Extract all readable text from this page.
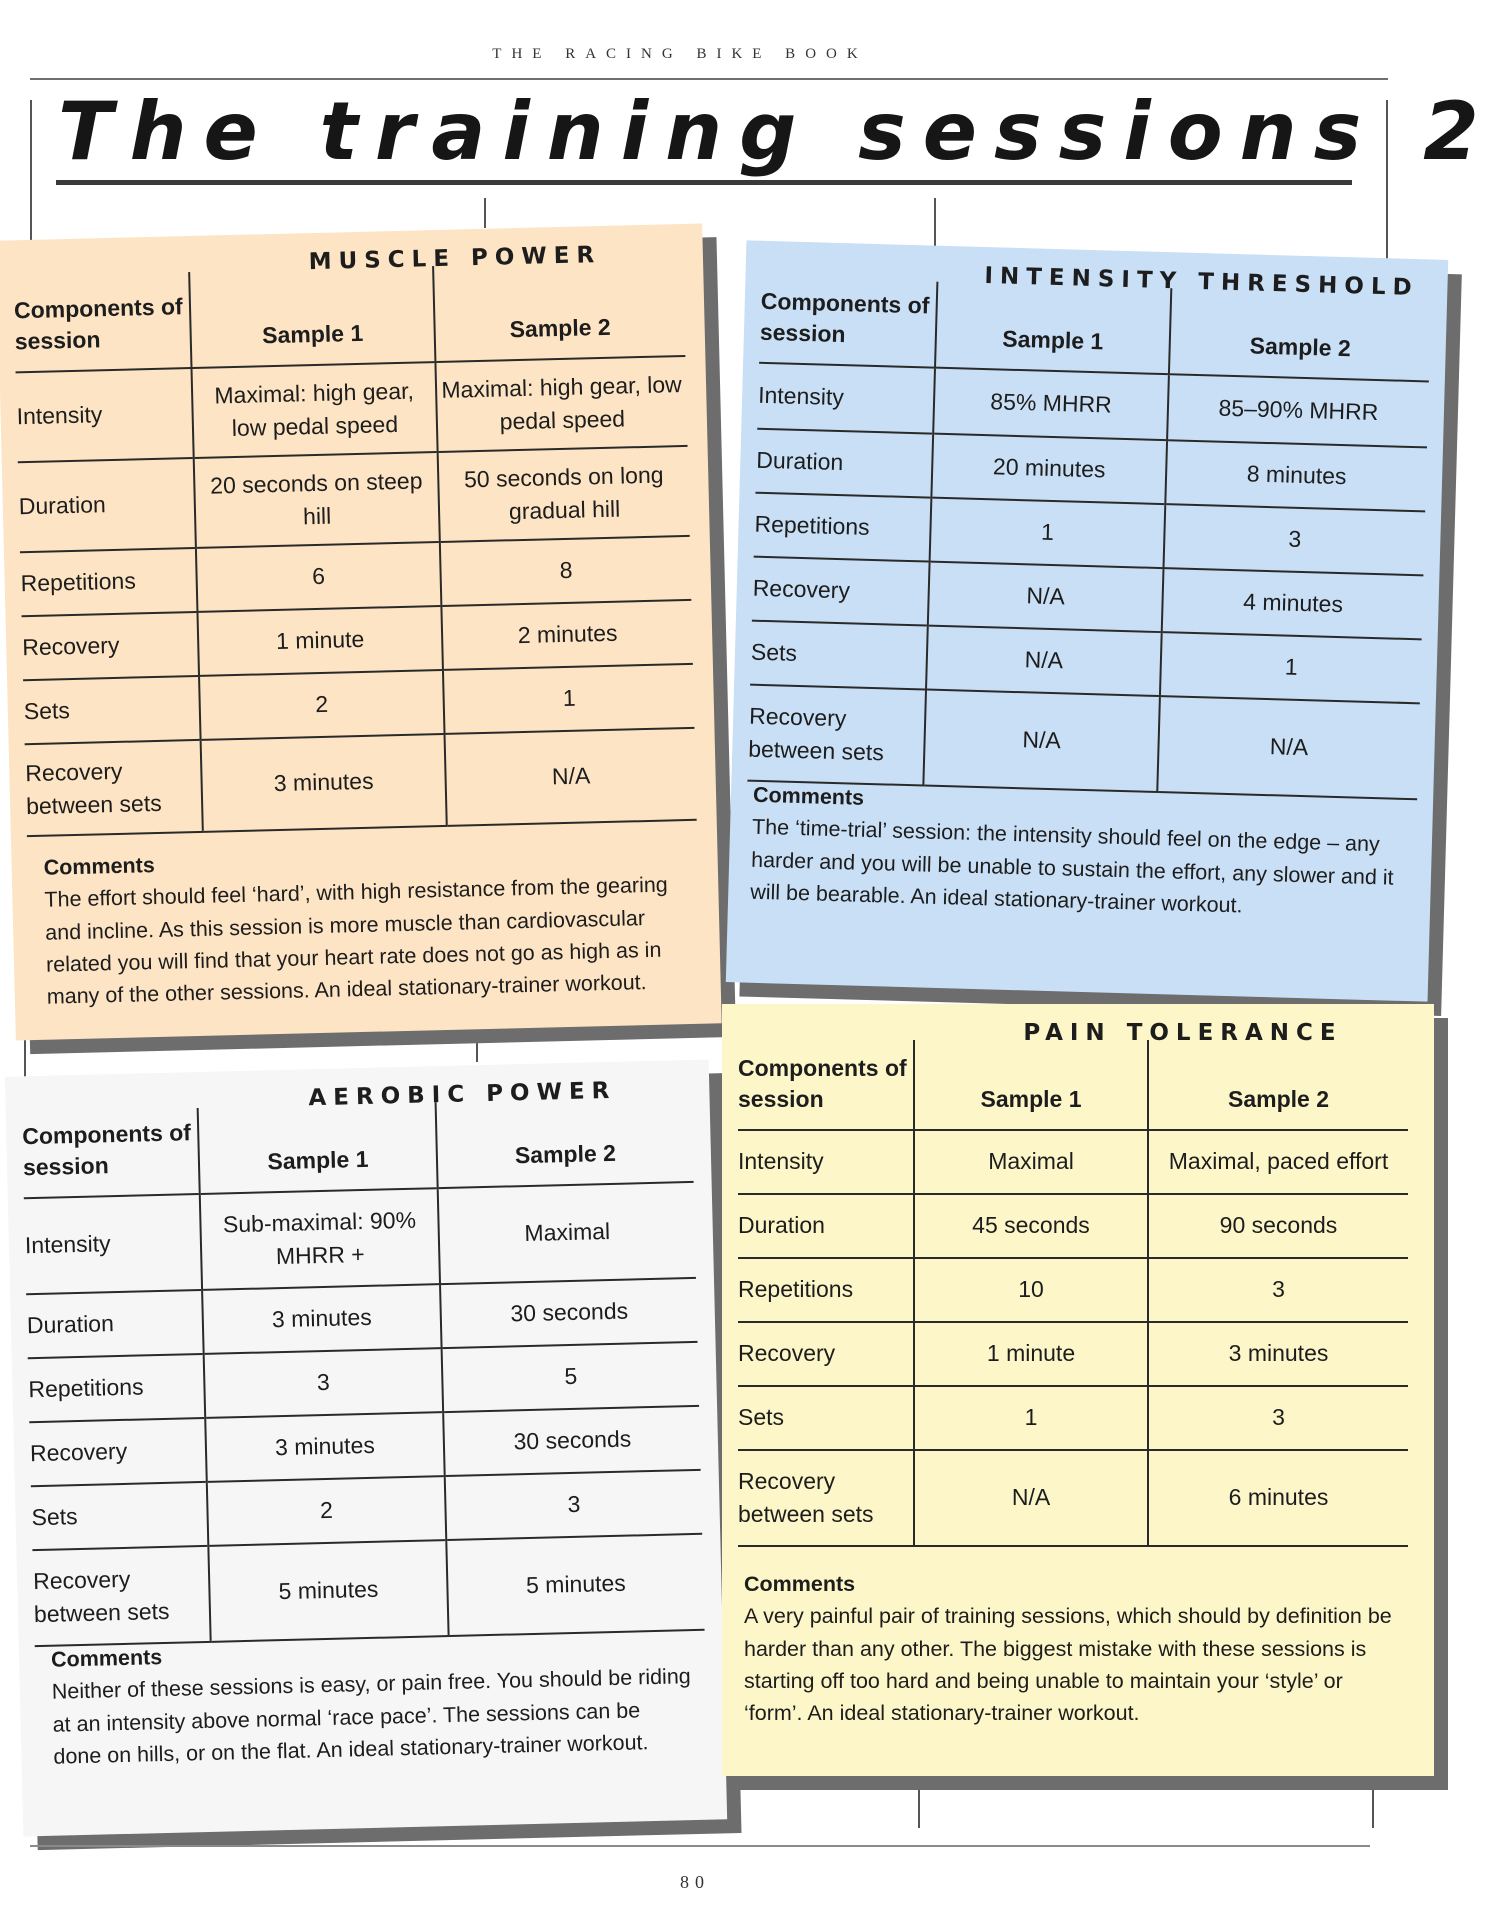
THE RACING BIKE BOOK
The training sessions 2
MUSCLE POWER
Components of session	Sample 1	Sample 2
Intensity	Maximal: high gear, low pedal speed	Maximal: high gear, low pedal speed
Duration	20 seconds on steep hill	50 seconds on long gradual hill
Repetitions	6	8
Recovery	1 minute	2 minutes
Sets	2	1
Recovery between sets	3 minutes	N/A
Comments
The effort should feel ‘hard’, with high resistance from the gearing and incline. As this session is more muscle than cardiovascular related you will find that your heart rate does not go as high as in many of the other sessions. An ideal stationary-trainer workout.
INTENSITY THRESHOLD
Components of session	Sample 1	Sample 2
Intensity	85% MHRR	85–90% MHRR
Duration	20 minutes	8 minutes
Repetitions	1	3
Recovery	N/A	4 minutes
Sets	N/A	1
Recovery between sets	N/A	N/A
Comments
The ‘time-trial’ session: the intensity should feel on the edge – any harder and you will be unable to sustain the effort, any slower and it will be bearable. An ideal stationary-trainer workout.
AEROBIC POWER
Components of session	Sample 1	Sample 2
Intensity	Sub-maximal: 90% MHRR +	Maximal
Duration	3 minutes	30 seconds
Repetitions	3	5
Recovery	3 minutes	30 seconds
Sets	2	3
Recovery between sets	5 minutes	5 minutes
Comments
Neither of these sessions is easy, or pain free. You should be riding at an intensity above normal ‘race pace’. The sessions can be done on hills, or on the flat. An ideal stationary-trainer workout.
PAIN TOLERANCE
Components of session	Sample 1	Sample 2
Intensity	Maximal	Maximal, paced effort
Duration	45 seconds	90 seconds
Repetitions	10	3
Recovery	1 minute	3 minutes
Sets	1	3
Recovery between sets	N/A	6 minutes
Comments
A very painful pair of training sessions, which should by definition be harder than any other. The biggest mistake with these sessions is starting off too hard and being unable to maintain your ‘style’ or ‘form’. An ideal stationary-trainer workout.
80
